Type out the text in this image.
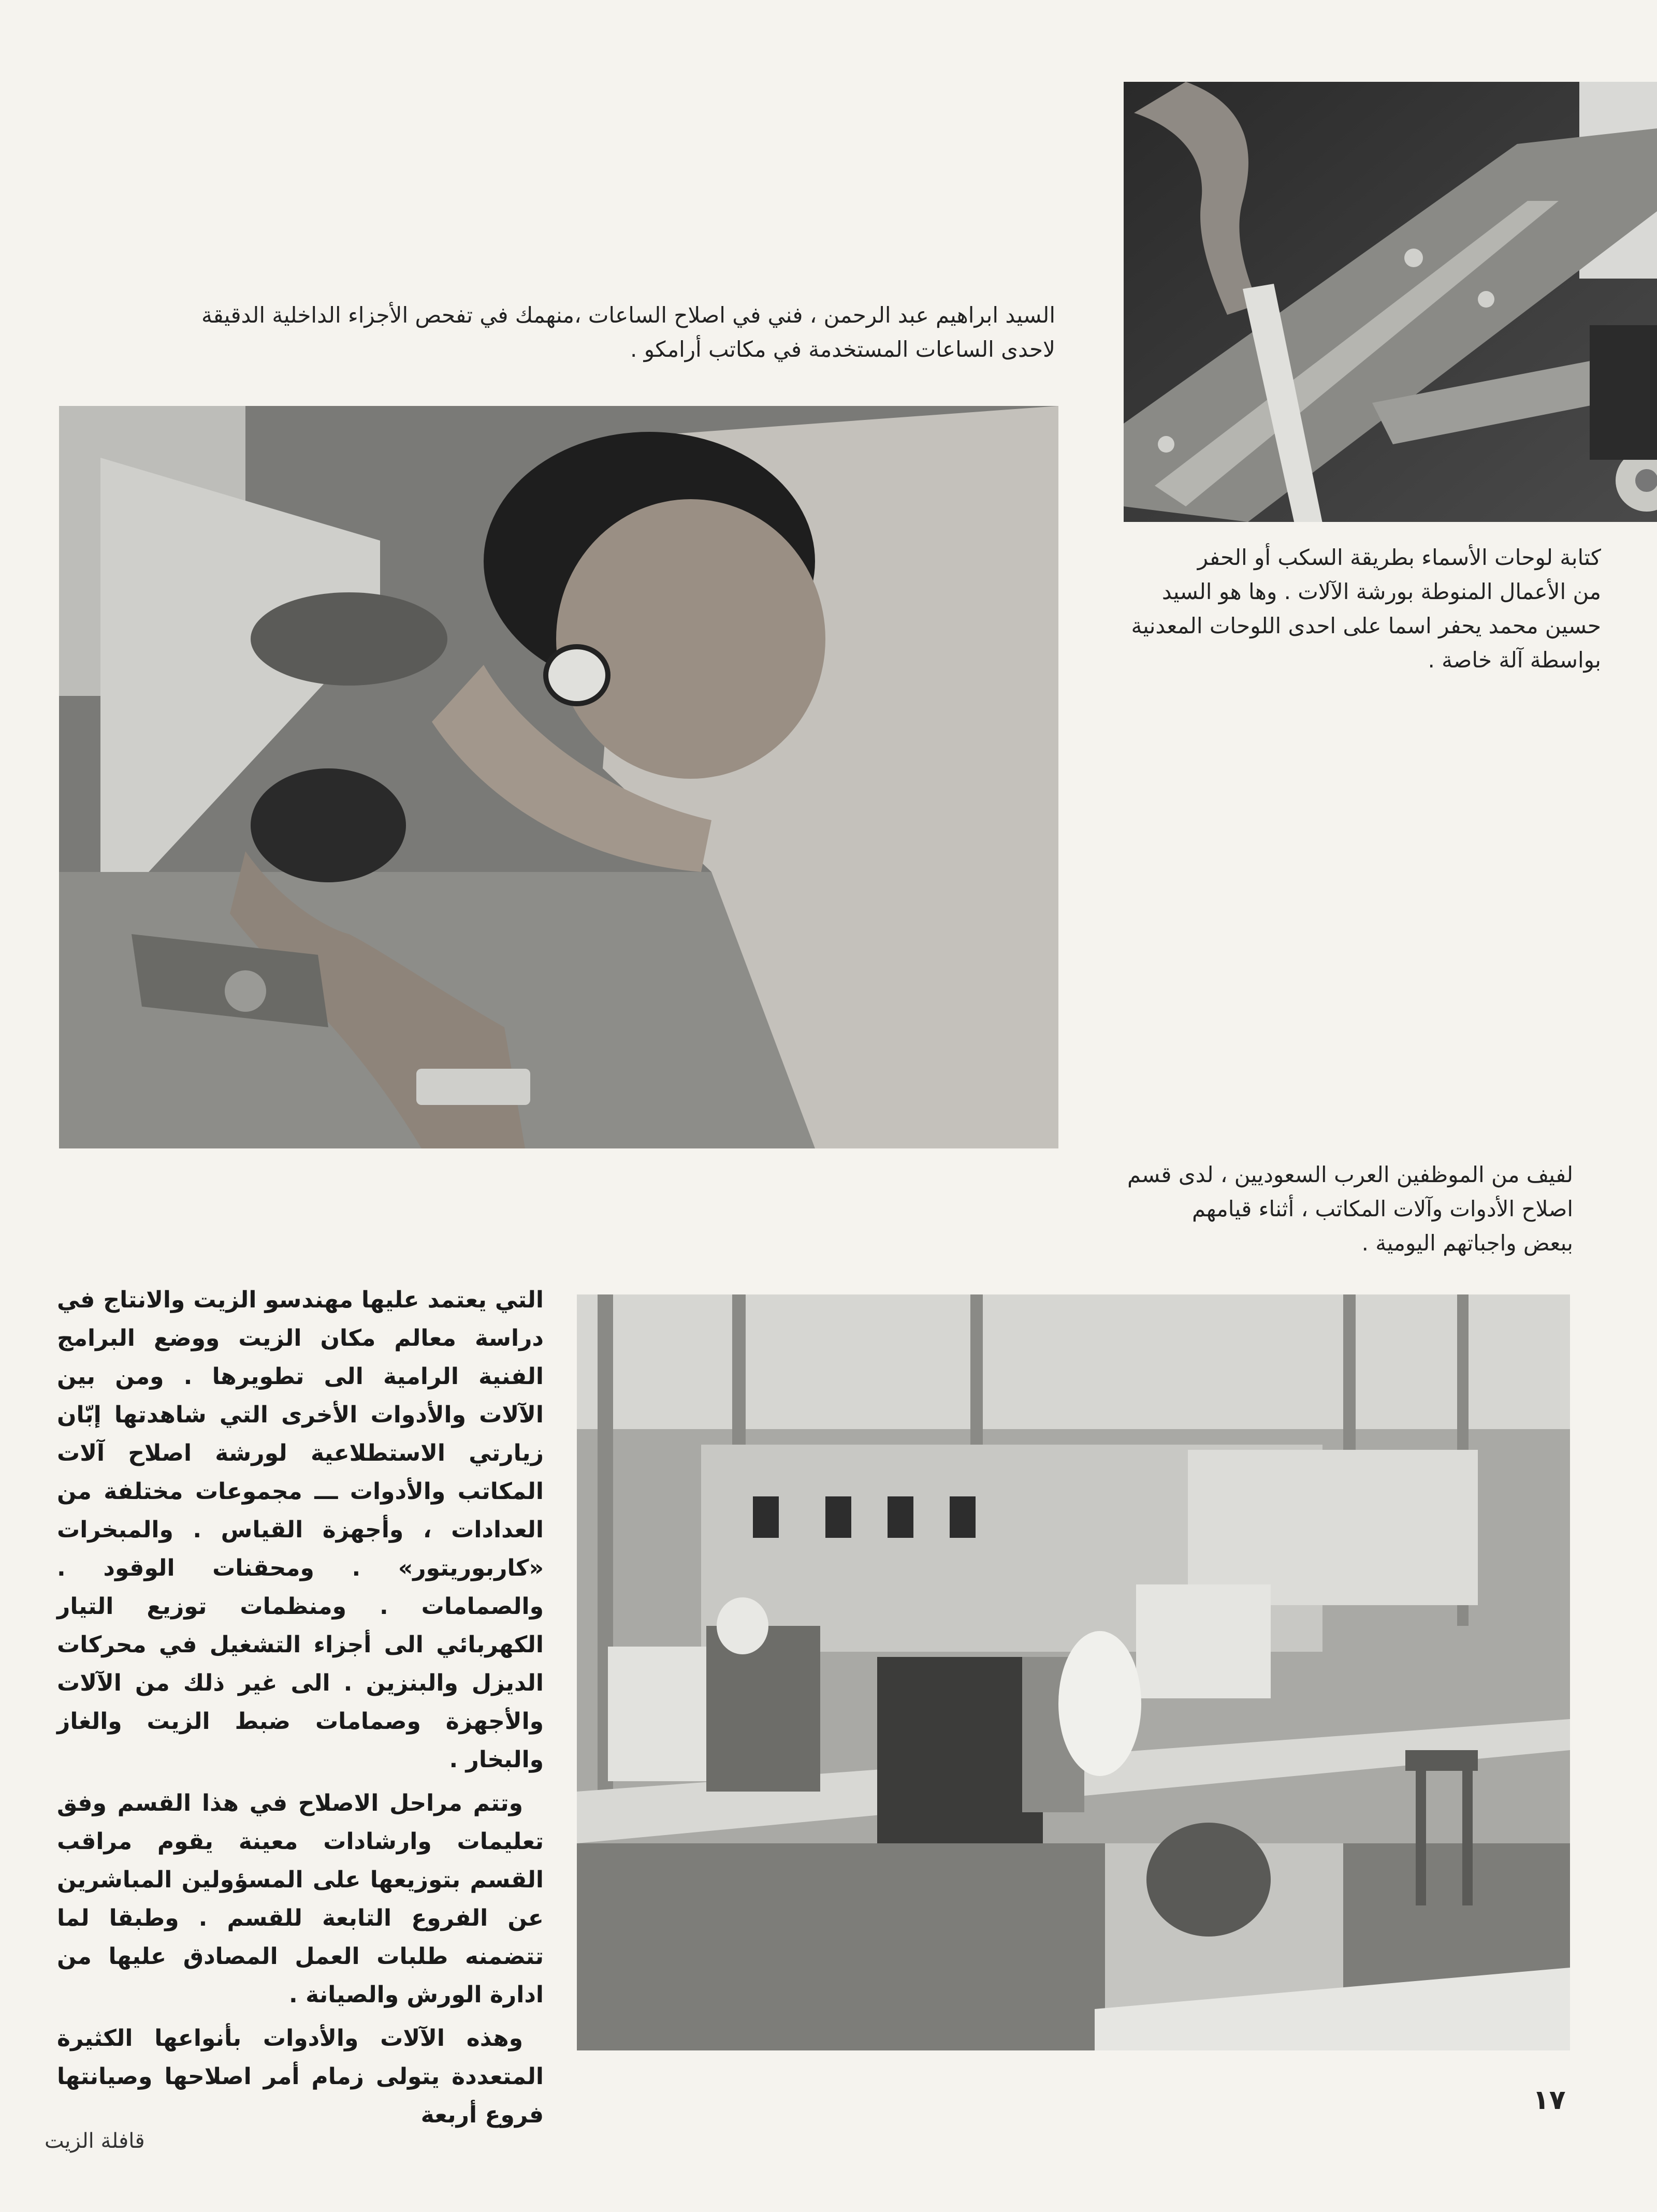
السيد ابراهيم عبد الرحمن ، فني في اصلاح الساعات ،منهمك في تفحص الأجزاء الداخلية الدقيقة

لاحدى الساعات المستخدمة في مكاتب أرامكو .

كتابة لوحات الأسماء بطريقة السكب أو الحفر

من الأعمال المنوطة بورشة الآلات . وها هو السيد

حسين محمد يحفر اسما على احدى اللوحات المعدنية

بواسطة آلة خاصة .

لفيف من الموظفين العرب السعوديين ، لدى قسم

اصلاح الأدوات وآلات المكاتب ، أثناء قيامهم

ببعض واجباتهم اليومية .

التي يعتمد عليها مهندسو الزيت والانتاج في دراسة معالم مكان الزيت ووضع البرامج الفنية الرامية الى تطويرها . ومن بين الآلات والأدوات الأخرى التي شاهدتها إبّان زيارتي الاستطلاعية لورشة اصلاح آلات المكاتب والأدوات ـــ مجموعات مختلفة من العدادات ، وأجهزة القياس . والمبخرات «كاربوريتور» . ومحقنات الوقود . والصمامات . ومنظمات توزيع التيار الكهربائي الى أجزاء التشغيل في محركات الديزل والبنزين . الى غير ذلك من الآلات والأجهزة وصمامات ضبط الزيت والغاز والبخار .

وتتم مراحل الاصلاح في هذا القسم وفق تعليمات وارشادات معينة يقوم مراقب القسم بتوزيعها على المسؤولين المباشرين عن الفروع التابعة للقسم . وطبقا لما تتضمنه طلبات العمل المصادق عليها من ادارة الورش والصيانة .

وهذه الآلات والأدوات بأنواعها الكثيرة المتعددة يتولى زمام أمر اصلاحها وصيانتها فروع أربعة	١٧
قافلة الزيت
